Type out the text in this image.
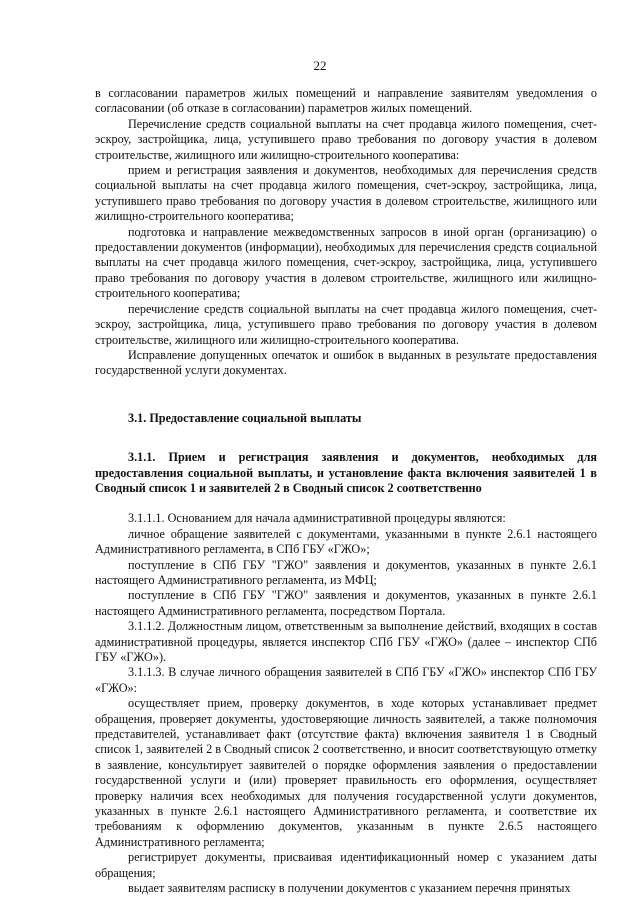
22

в согласовании параметров жилых помещений и направление заявителям уведомления о согласовании (об отказе в согласовании) параметров жилых помещений.

Перечисление средств социальной выплаты на счет продавца жилого помещения, счет-эскроу, застройщика, лица, уступившего право требования по договору участия в долевом строительстве, жилищного или жилищно-строительного кооператива:

прием и регистрация заявления и документов, необходимых для перечисления средств социальной выплаты на счет продавца жилого помещения, счет-эскроу, застройщика, лица, уступившего право требования по договору участия в долевом строительстве, жилищного или жилищно-строительного кооператива;

подготовка и направление межведомственных запросов в иной орган (организацию) о предоставлении документов (информации), необходимых для перечисления средств социальной выплаты на счет продавца жилого помещения, счет-эскроу, застройщика, лица, уступившего право требования по договору участия в долевом строительстве, жилищного или жилищно-строительного кооператива;

перечисление средств социальной выплаты на счет продавца жилого помещения, счет-эскроу, застройщика, лица, уступившего право требования по договору участия в долевом строительстве, жилищного или жилищно-строительного кооператива.

Исправление допущенных опечаток и ошибок в выданных в результате предоставления государственной услуги документах.

3.1. Предоставление социальной выплаты

3.1.1. Прием и регистрация заявления и документов, необходимых для предоставления социальной выплаты, и установление факта включения заявителей 1 в Сводный список 1 и заявителей 2 в Сводный список 2 соответственно

3.1.1.1. Основанием для начала административной процедуры являются:

личное обращение заявителей с документами, указанными в пункте 2.6.1 настоящего Административного регламента, в СПб ГБУ «ГЖО»;

поступление в СПб ГБУ "ГЖО" заявления и документов, указанных в пункте 2.6.1 настоящего Административного регламента, из МФЦ;

поступление в СПб ГБУ "ГЖО" заявления и документов, указанных в пункте 2.6.1 настоящего Административного регламента, посредством Портала.

3.1.1.2. Должностным лицом, ответственным за выполнение действий, входящих в состав административной процедуры, является инспектор СПб ГБУ «ГЖО» (далее – инспектор СПб ГБУ «ГЖО»).

3.1.1.3. В случае личного обращения заявителей в СПб ГБУ «ГЖО» инспектор СПб ГБУ «ГЖО»:

осуществляет прием, проверку документов, в ходе которых устанавливает предмет обращения, проверяет документы, удостоверяющие личность заявителей, а также полномочия представителей, устанавливает факт (отсутствие факта) включения заявителя 1 в Сводный список 1, заявителей 2 в Сводный список 2 соответственно, и вносит соответствующую отметку в заявление, консультирует заявителей о порядке оформления заявления о предоставлении государственной услуги и (или) проверяет правильность его оформления, осуществляет проверку наличия всех необходимых для получения государственной услуги документов, указанных в пункте 2.6.1 настоящего Административного регламента, и соответствие их требованиям к оформлению документов, указанным в пункте 2.6.5 настоящего Административного регламента;

регистрирует документы, присваивая идентификационный номер с указанием даты обращения;

выдает заявителям расписку в получении документов с указанием перечня принятых
